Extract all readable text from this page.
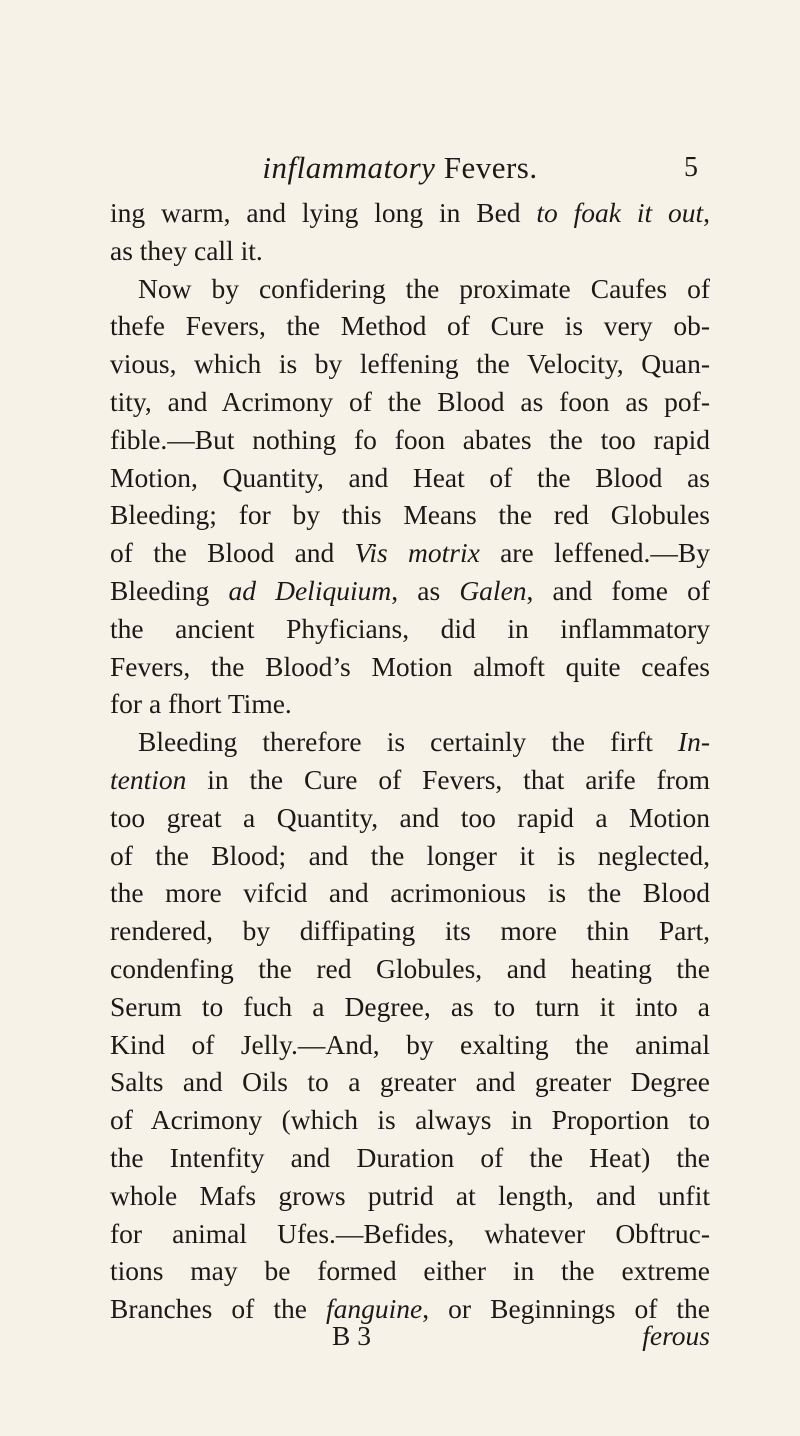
inflammatory Fevers.	5
ing warm, and lying long in Bed to foak it out,
as they call it.
Now by confidering the proximate Caufes of
thefe Fevers, the Method of Cure is very ob-
vious, which is by leffening the Velocity, Quan-
tity, and Acrimony of the Blood as foon as pof-
fible.—But nothing fo foon abates the too rapid
Motion, Quantity, and Heat of the Blood as
Bleeding; for by this Means the red Globules
of the Blood and Vis motrix are leffened.—By
Bleeding ad Deliquium, as Galen, and fome of
the ancient Phyficians, did in inflammatory
Fevers, the Blood’s Motion almoft quite ceafes
for a fhort Time.
Bleeding therefore is certainly the firft In-
tention in the Cure of Fevers, that arife from
too great a Quantity, and too rapid a Motion
of the Blood; and the longer it is neglected,
the more vifcid and acrimonious is the Blood
rendered, by diffipating its more thin Part,
condenfing the red Globules, and heating the
Serum to fuch a Degree, as to turn it into a
Kind of Jelly.—And, by exalting the animal
Salts and Oils to a greater and greater Degree
of Acrimony (which is always in Proportion to
the Intenfity and Duration of the Heat) the
whole Mafs grows putrid at length, and unfit
for animal Ufes.—Befides, whatever Obftruc-
tions may be formed either in the extreme
Branches of the fanguine, or Beginnings of the
B 3	ferous
